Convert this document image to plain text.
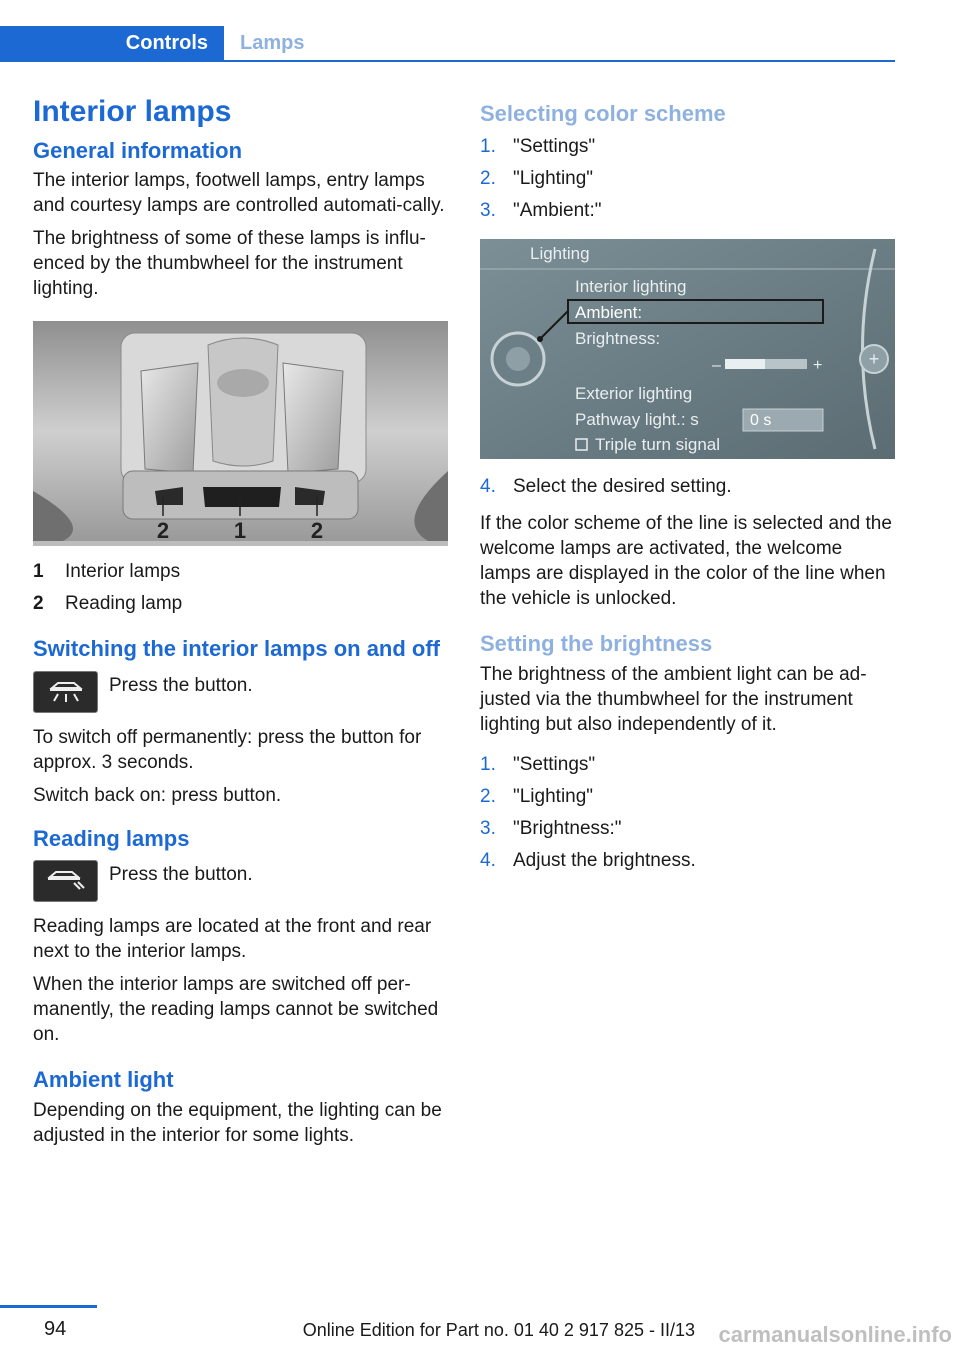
Controls	Lamps
Interior lamps
General information

The interior lamps, footwell lamps, entry lamps and courtesy lamps are controlled automati-cally.

The brightness of some of these lamps is influ-enced by the thumbwheel for the instrument lighting.

2	1	2
1	Interior lamps
2	Reading lamp
Switching the interior lamps on and off

Press the button.

To switch off permanently: press the button for approx. 3 seconds.

Switch back on: press button.

Reading lamps

Press the button.

Reading lamps are located at the front and rear next to the interior lamps.

When the interior lamps are switched off per-manently, the reading lamps cannot be switched on.

Ambient light

Depending on the equipment, the lighting can be adjusted in the interior for some lights.

Selecting color scheme
1. "Settings"
2. "Lighting"
3. "Ambient:"
+
Lighting
Interior lighting
Ambient:
Brightness:
–	+
Exterior lighting
Pathway light.: s	0 s
Triple turn signal
4. Select the desired setting.

If the color scheme of the line is selected and the welcome lamps are activated, the welcome lamps are displayed in the color of the line when the vehicle is unlocked.

Setting the brightness

The brightness of the ambient light can be ad-justed via the thumbwheel for the instrument lighting but also independently of it.

1. "Settings"
2. "Lighting"
3. "Brightness:"
4. Adjust the brightness.
94	Online Edition for Part no. 01 40 2 917 825 - II/13 carmanualsonline.info
